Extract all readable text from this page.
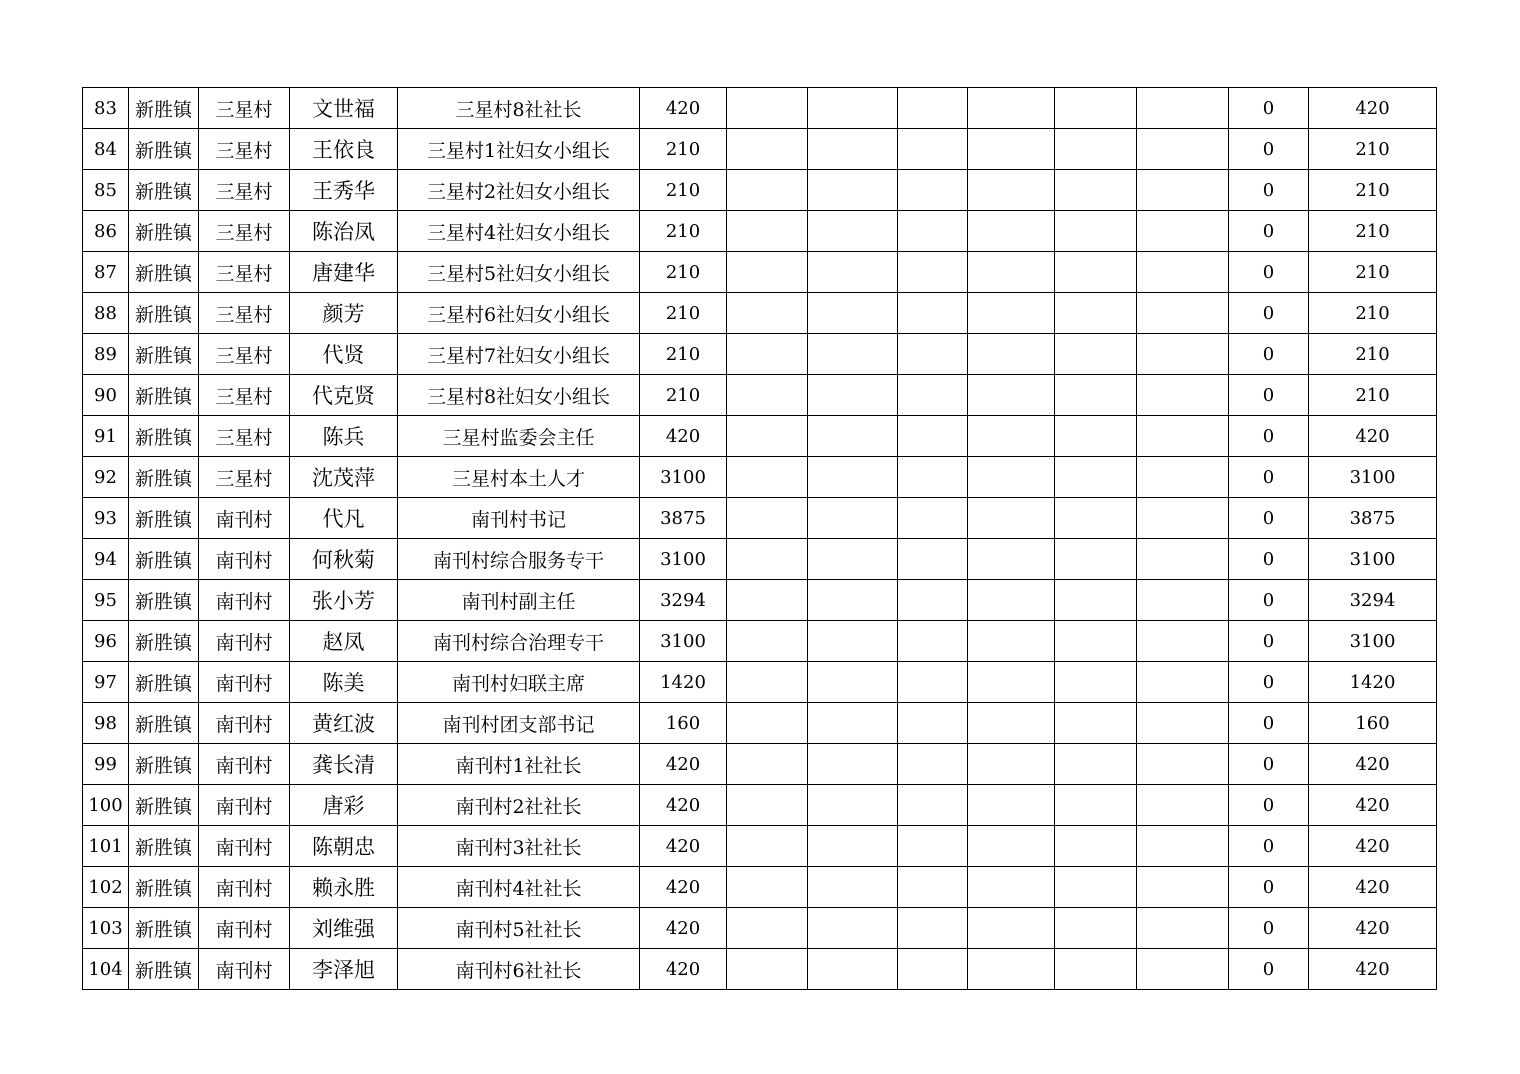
83	新胜镇	三星村	文世福	三星村8社社长	420							0	420
84	新胜镇	三星村	王依良	三星村1社妇女小组长	210							0	210
85	新胜镇	三星村	王秀华	三星村2社妇女小组长	210							0	210
86	新胜镇	三星村	陈治凤	三星村4社妇女小组长	210							0	210
87	新胜镇	三星村	唐建华	三星村5社妇女小组长	210							0	210
88	新胜镇	三星村	颜芳	三星村6社妇女小组长	210							0	210
89	新胜镇	三星村	代贤	三星村7社妇女小组长	210							0	210
90	新胜镇	三星村	代克贤	三星村8社妇女小组长	210							0	210
91	新胜镇	三星村	陈兵	三星村监委会主任	420							0	420
92	新胜镇	三星村	沈茂萍	三星村本土人才	3100							0	3100
93	新胜镇	南刊村	代凡	南刊村书记	3875							0	3875
94	新胜镇	南刊村	何秋菊	南刊村综合服务专干	3100							0	3100
95	新胜镇	南刊村	张小芳	南刊村副主任	3294							0	3294
96	新胜镇	南刊村	赵凤	南刊村综合治理专干	3100							0	3100
97	新胜镇	南刊村	陈美	南刊村妇联主席	1420							0	1420
98	新胜镇	南刊村	黄红波	南刊村团支部书记	160							0	160
99	新胜镇	南刊村	龚长清	南刊村1社社长	420							0	420
100	新胜镇	南刊村	唐彩	南刊村2社社长	420							0	420
101	新胜镇	南刊村	陈朝忠	南刊村3社社长	420							0	420
102	新胜镇	南刊村	赖永胜	南刊村4社社长	420							0	420
103	新胜镇	南刊村	刘维强	南刊村5社社长	420							0	420
104	新胜镇	南刊村	李泽旭	南刊村6社社长	420							0	420
